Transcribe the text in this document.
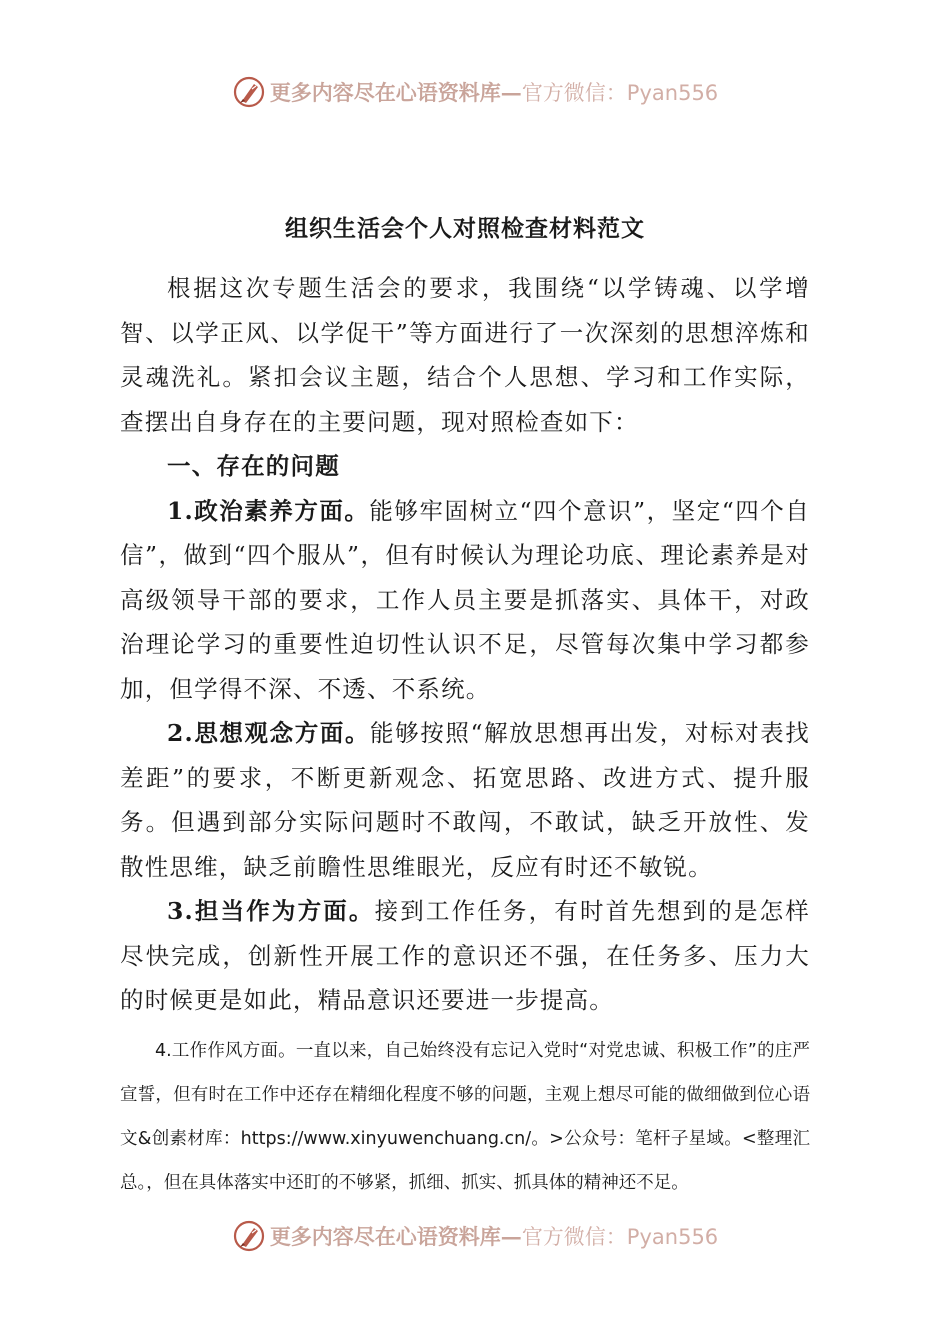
更多内容尽在心语资料库—官方微信：Pyan556
组织生活会个人对照检查材料范文

根据这次专题生活会的要求，我围绕“以学铸魂、以学增智、以学正风、以学促干”等方面进行了一次深刻的思想淬炼和灵魂洗礼。紧扣会议主题，结合个人思想、学习和工作实际，查摆出自身存在的主要问题，现对照检查如下：

一、存在的问题

1.政治素养方面。能够牢固树立“四个意识”，坚定“四个自信”，做到“四个服从”，但有时候认为理论功底、理论素养是对高级领导干部的要求，工作人员主要是抓落实、具体干，对政治理论学习的重要性迫切性认识不足，尽管每次集中学习都参加，但学得不深、不透、不系统。

2.思想观念方面。能够按照“解放思想再出发，对标对表找差距”的要求，不断更新观念、拓宽思路、改进方式、提升服务。但遇到部分实际问题时不敢闯，不敢试，缺乏开放性、发散性思维，缺乏前瞻性思维眼光，反应有时还不敏锐。

3.担当作为方面。接到工作任务，有时首先想到的是怎样尽快完成，创新性开展工作的意识还不强，在任务多、压力大的时候更是如此，精品意识还要进一步提高。

4.工作作风方面。一直以来，自己始终没有忘记入党时“对党忠诚、积极工作”的庄严宣誓，但有时在工作中还存在精细化程度不够的问题，主观上想尽可能的做细做到位心语文&创素材库：https://www.xinyuwenchuang.cn/。>公众号：笔杆子星域。<整理汇总。，但在具体落实中还盯的不够紧，抓细、抓实、抓具体的精神还不足。

更多内容尽在心语资料库—官方微信：Pyan556
